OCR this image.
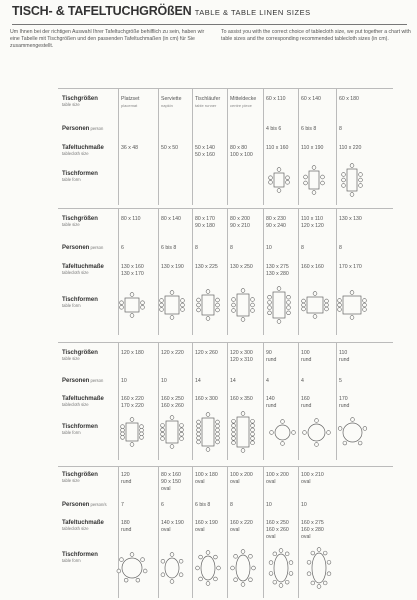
TISCH- & TAFELTUCHGRÖßEN TABLE & TABLE LINEN SIZES
Um Ihnen bei der richtigen Auswahl Ihrer Tafeltuchgröße behilflich zu sein, haben wir eine Tabelle mit Tischgrößen und den passenden Tafeltuchmaßen (in cm) für Sie zusammengestellt.
To assist you with the correct choice of tablecloth size, we put together a chart with table sizes and the corresponding recommended tablecloth sizes (in cm).
Tischgrößen
table size
Personen person
Tafeltuchmaße
tablecloth size
Tischformen
table form
Platzset
placemat
36 x 48
Serviette
napkin
50 x 50
Tischläufer
table runner
50 x 140
50 x 160
Mitteldecke
centre piece
80 x 80
100 x 100
60 x 110
4 bis 6
110 x 160
60 x 140
6 bis 8
110 x 190
60 x 180
8
110 x 220
Tischgrößen
table size
Personen person
Tafeltuchmaße
tablecloth size
Tischformen
table form
80 x 110
6
130 x 160
130 x 170
80 x 140
6 bis 8
130 x 190
80 x 170
90 x 180
8
130 x 225
80 x 200
90 x 210
8
130 x 250
80 x 230
90 x 240
10
130 x 275
130 x 280
110 x 110
120 x 120
8
160 x 160
130 x 130
8
170 x 170
Tischgrößen
table size
Personen person
Tafeltuchmaße
tablecloth size
Tischformen
table form
120 x 180
10
160 x 220
170 x 220
120 x 220
10
160 x 250
160 x 260
120 x 260
14
160 x 300
120 x 300
120 x 310
14
160 x 350
90
rund
4
140
rund
100
rund
4
160
rund
110
rund
5
170
rund
Tischgrößen
table size
Personen person/s
Tafeltuchmaße
tablecloth size
Tischformen
table form
120
rund
7
180
rund
80 x 160
90 x 150
oval
6
140 x 190
oval
100 x 180
oval
6 bis 8
160 x 190
oval
100 x 200
oval
8
160 x 220
oval
100 x 200
oval
10
160 x 250
160 x 260
oval
100 x 210
oval
10
160 x 275
160 x 280
oval
